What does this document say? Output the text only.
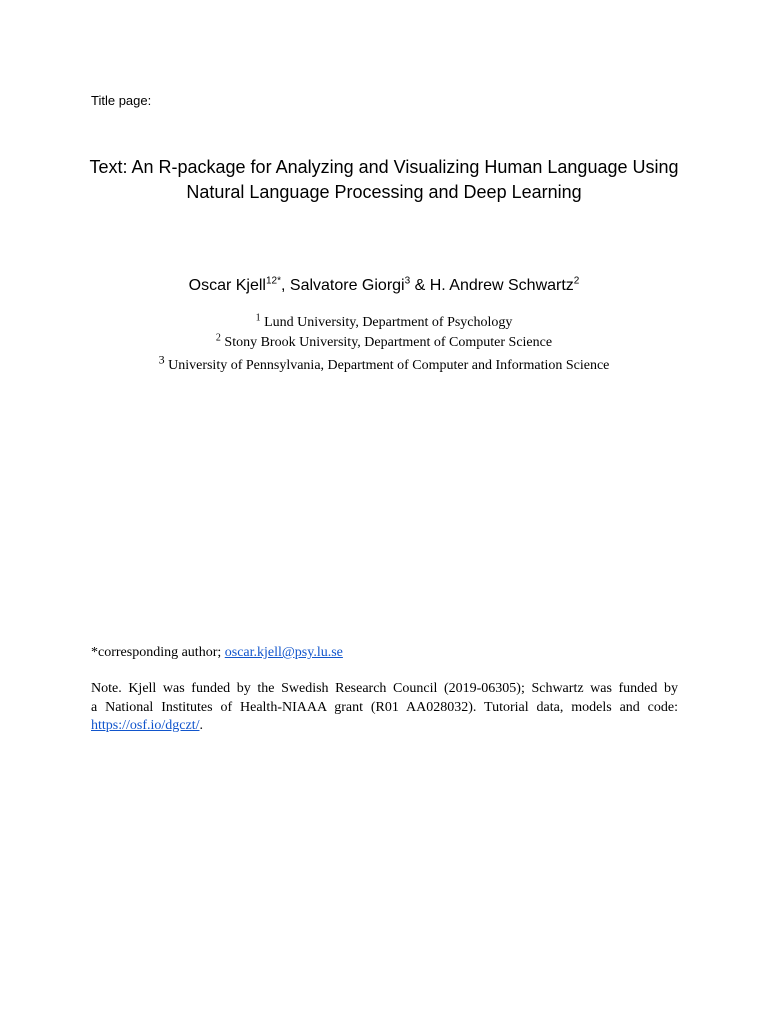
Title page:
Text: An R-package for Analyzing and Visualizing Human Language Using
Natural Language Processing and Deep Learning
Oscar Kjell$^{12*}$, Salvatore Giorgi$^3$ & H. Andrew Schwartz$^2$
$^1$ Lund University, Department of Psychology
$^2$ Stony Brook University, Department of Computer Science
$^3$ University of Pennsylvania, Department of Computer and Information Science
*corresponding author; oscar.kjell@psy.lu.se
Note. Kjell was funded by the Swedish Research Council (2019-06305); Schwartz was funded by
a National Institutes of Health-NIAAA grant (R01 AA028032). Tutorial data, models and code:
https://osf.io/dgczt/.
